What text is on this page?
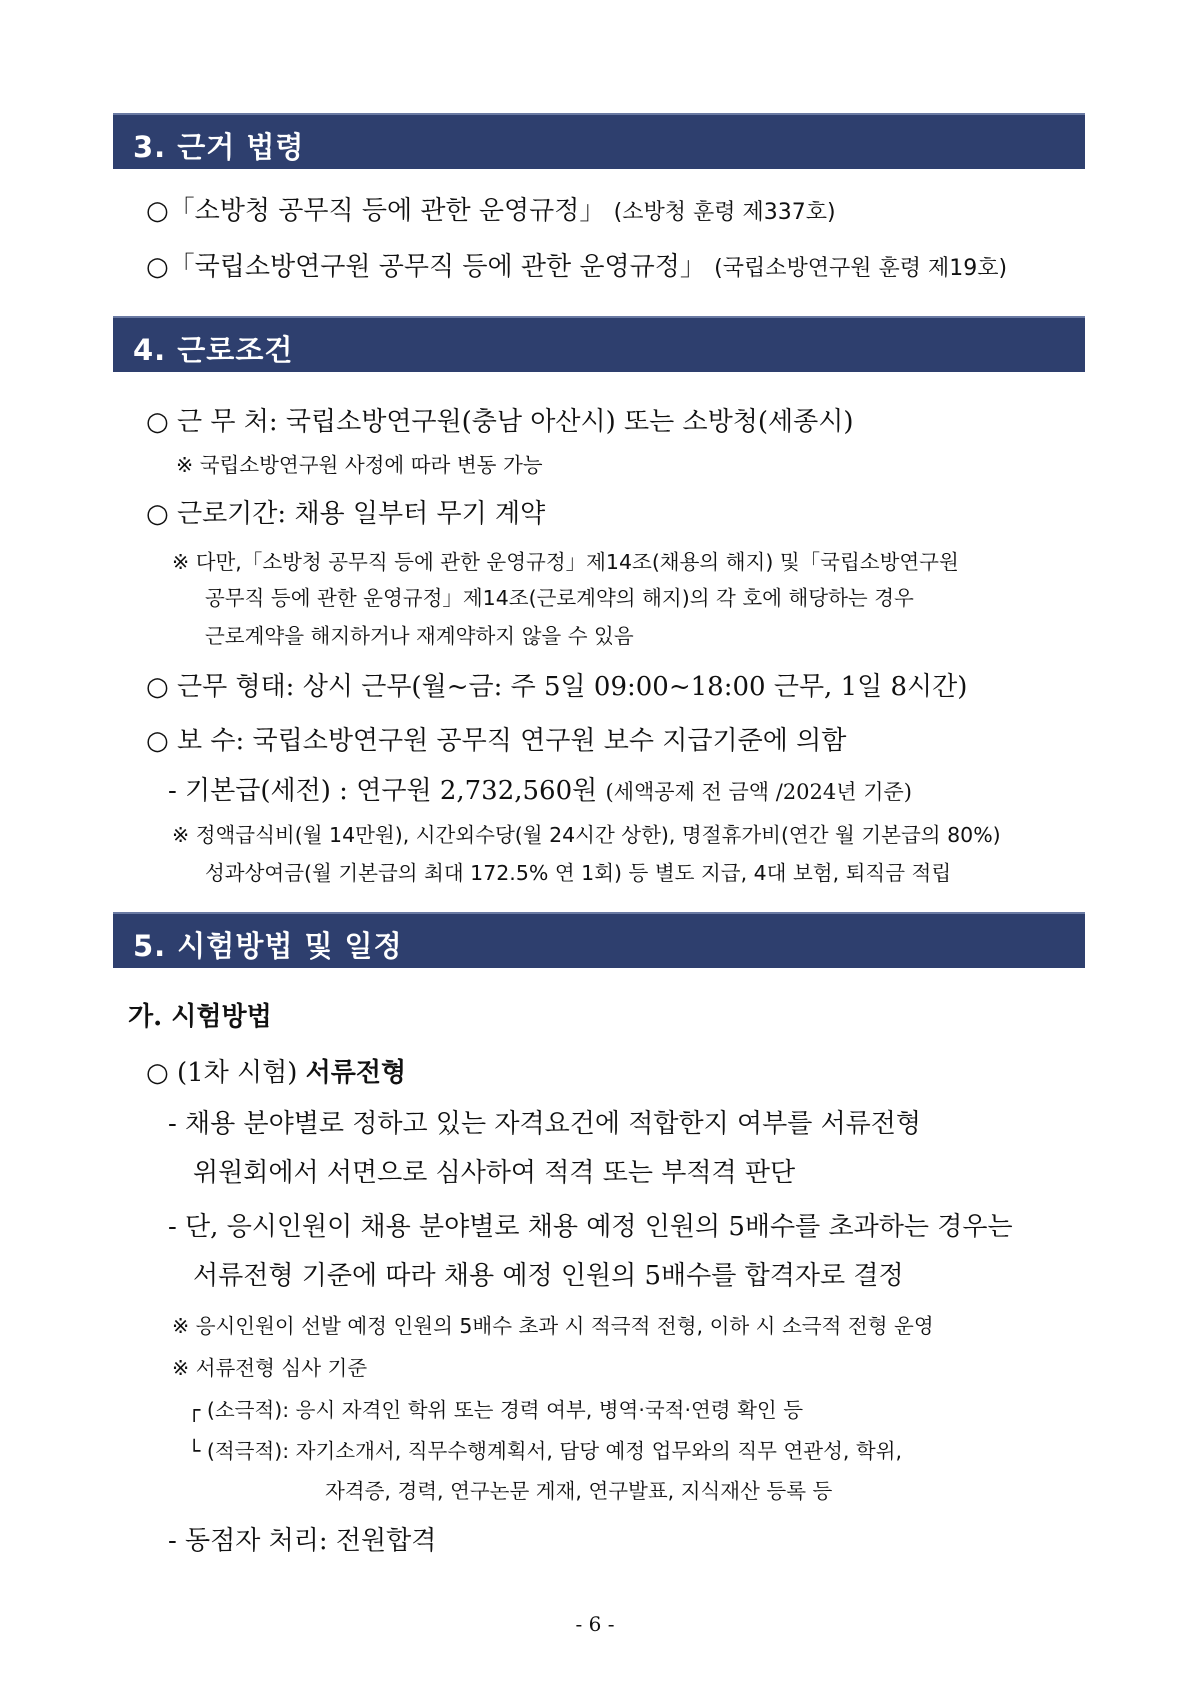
3. 근거 법령
○「소방청 공무직 등에 관한 운영규정」 (소방청 훈령 제337호)
○「국립소방연구원 공무직 등에 관한 운영규정」 (국립소방연구원 훈령 제19호)
4. 근로조건
○ 근 무 처: 국립소방연구원(충남 아산시) 또는 소방청(세종시)
※ 국립소방연구원 사정에 따라 변동 가능
○ 근로기간: 채용 일부터 무기 계약
※ 다만,「소방청 공무직 등에 관한 운영규정」제14조(채용의 해지) 및「국립소방연구원
공무직 등에 관한 운영규정」제14조(근로계약의 해지)의 각 호에 해당하는 경우
근로계약을 해지하거나 재계약하지 않을 수 있음
○ 근무 형태: 상시 근무(월~금: 주 5일 09:00~18:00 근무, 1일 8시간)
○ 보 수: 국립소방연구원 공무직 연구원 보수 지급기준에 의함
- 기본급(세전) : 연구원 2,732,560원 (세액공제 전 금액 /2024년 기준)
※ 정액급식비(월 14만원), 시간외수당(월 24시간 상한), 명절휴가비(연간 월 기본급의 80%)
성과상여금(월 기본급의 최대 172.5% 연 1회) 등 별도 지급, 4대 보험, 퇴직금 적립
5. 시험방법 및 일정
가. 시험방법
○ (1차 시험) 서류전형
- 채용 분야별로 정하고 있는 자격요건에 적합한지 여부를 서류전형
위원회에서 서면으로 심사하여 적격 또는 부적격 판단
- 단, 응시인원이 채용 분야별로 채용 예정 인원의 5배수를 초과하는 경우는
서류전형 기준에 따라 채용 예정 인원의 5배수를 합격자로 결정
※ 응시인원이 선발 예정 인원의 5배수 초과 시 적극적 전형, 이하 시 소극적 전형 운영
※ 서류전형 심사 기준
┌ (소극적): 응시 자격인 학위 또는 경력 여부, 병역·국적·연령 확인 등
└ (적극적): 자기소개서, 직무수행계획서, 담당 예정 업무와의 직무 연관성, 학위,
자격증, 경력, 연구논문 게재, 연구발표, 지식재산 등록 등
- 동점자 처리: 전원합격
- 6 -
